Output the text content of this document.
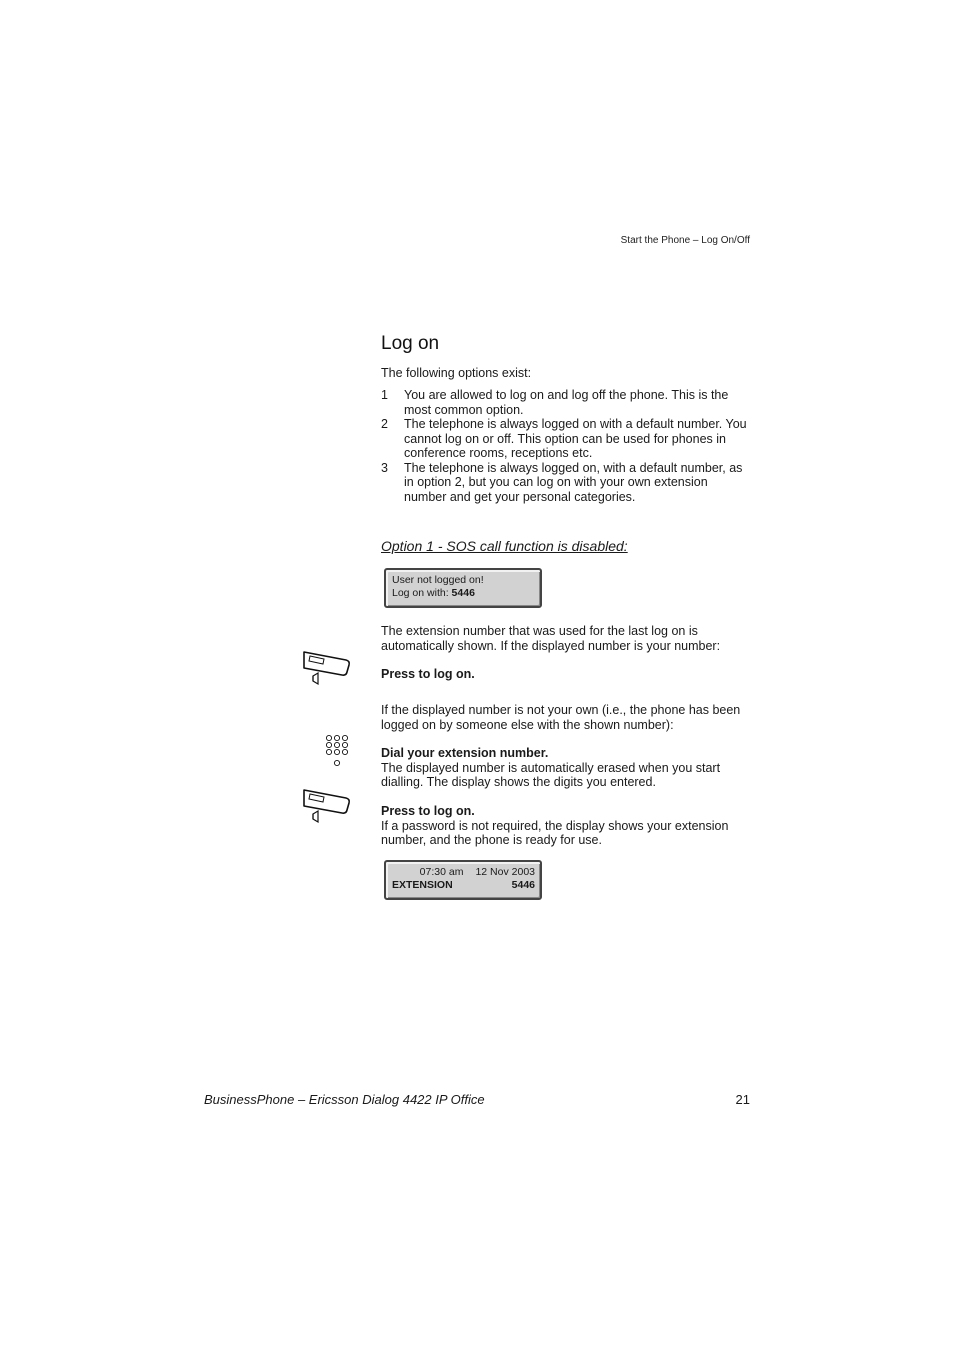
Start the Phone – Log On/Off
Log on
The following options exist:
1	You are allowed to log on and log off the phone. This is the most common option.
2	The telephone is always logged on with a default number. You cannot log on or off. This option can be used for phones in conference rooms, receptions etc.
3	The telephone is always logged on, with a default number, as in option 2, but you can log on with your own extension number and get your personal categories.
Option 1 - SOS call function is disabled:
User not logged on!
Log on with: 5446
The extension number that was used for the last log on is automatically shown. If the displayed number is your number:
Press to log on.
If the displayed number is not your own (i.e., the phone has been logged on by someone else with the shown number):
Dial your extension number.
The displayed number is automatically erased when you start dialling. The display shows the digits you entered.
Press to log on.
If a password is not required, the display shows your extension number, and the phone is ready for use.
07:30 am 12 Nov 2003
EXTENSION	5446
BusinessPhone – Ericsson Dialog 4422 IP Office	21
